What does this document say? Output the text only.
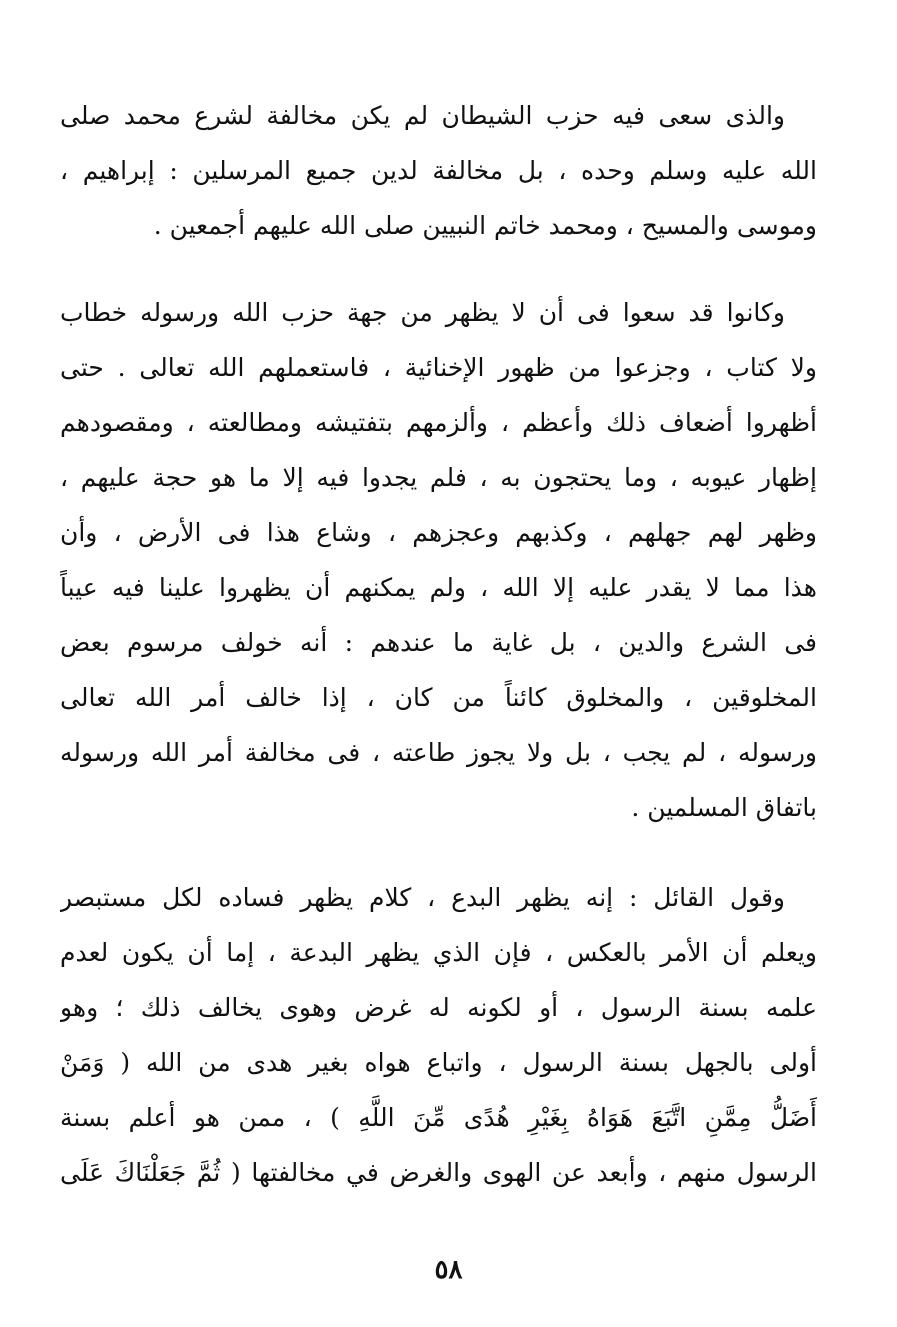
والذى سعى فيه حزب الشيطان لم يكن مخالفة لشرع محمد صلى
الله عليه وسلم وحده ، بل مخالفة لدين جميع المرسلين : إبراهيم ،
وموسى والمسيح ، ومحمد خاتم النبيين صلى الله عليهم أجمعين .
وكانوا قد سعوا فى أن لا يظهر من جهة حزب الله ورسوله خطاب
ولا كتاب ، وجزعوا من ظهور الإخنائية ، فاستعملهم الله تعالى . حتى
أظهروا أضعاف ذلك وأعظم ، وألزمهم بتفتيشه ومطالعته ، ومقصودهم
إظهار عيوبه ، وما يحتجون به ، فلم يجدوا فيه إلا ما هو حجة عليهم ،
وظهر لهم جهلهم ، وكذبهم وعجزهم ، وشاع هذا فى الأرض ، وأن
هذا مما لا يقدر عليه إلا الله ، ولم يمكنهم أن يظهروا علينا فيه عيباً
فى الشرع والدين ، بل غاية ما عندهم : أنه خولف مرسوم بعض
المخلوقين ، والمخلوق كائناً من كان ، إذا خالف أمر الله تعالى
ورسوله ، لم يجب ، بل ولا يجوز طاعته ، فى مخالفة أمر الله ورسوله
باتفاق المسلمين .
وقول القائل : إنه يظهر البدع ، كلام يظهر فساده لكل مستبصر
ويعلم أن الأمر بالعكس ، فإن الذي يظهر البدعة ، إما أن يكون لعدم
علمه بسنة الرسول ، أو لكونه له غرض وهوى يخالف ذلك ؛ وهو
أولى بالجهل بسنة الرسول ، واتباع هواه بغير هدى من الله ( وَمَنْ
أَضَلُّ مِمَّنِ اتَّبَعَ هَوَاهُ بِغَيْرِ هُدًى مِّنَ اللَّهِ ) ، ممن هو أعلم بسنة
الرسول منهم ، وأبعد عن الهوى والغرض في مخالفتها ( ثُمَّ جَعَلْنَاكَ عَلَى
٥٨
